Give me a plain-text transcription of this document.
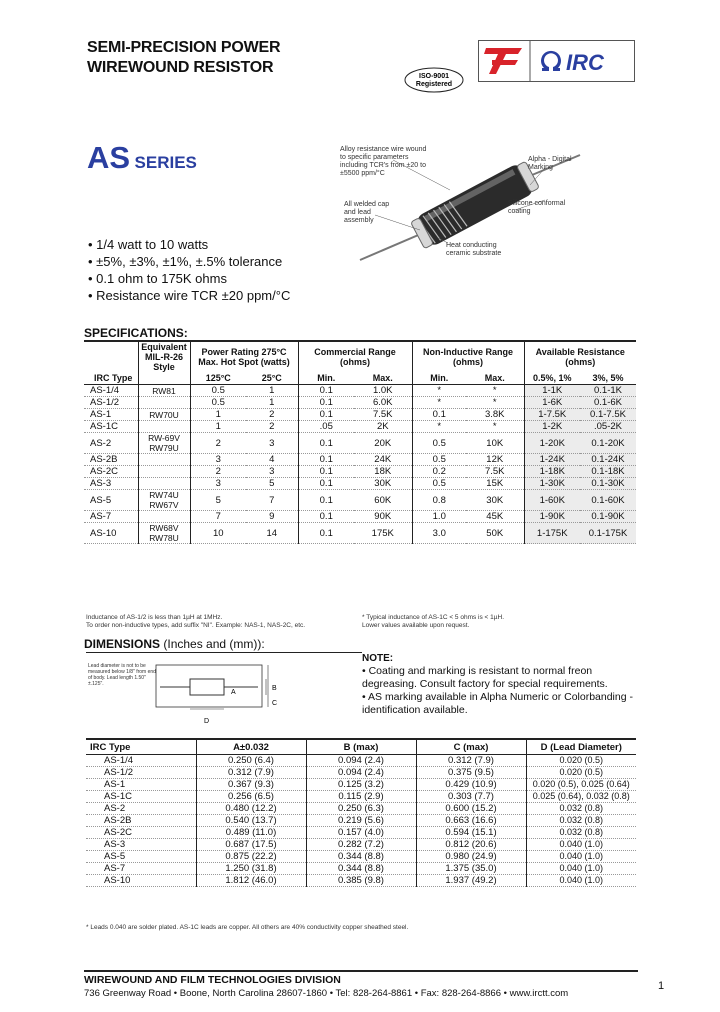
SEMI-PRECISION POWER
WIREWOUND RESISTOR	IRC
ISO-9001
Registered
AS SERIES
Alloy resistance wire wound to specific parameters including TCR's from ±20 to ±5500 ppm/°C
Alpha - Digital Marking
Silicone conformal coating
All welded cap and lead assembly
Heat conducting ceramic substrate
• 1/4 watt to 10 watts
• ±5%, ±3%, ±1%, ±.5% tolerance
• 0.1 ohm to 175K ohms
• Resistance wire TCR ±20 ppm/°C
SPECIFICATIONS:
	Equivalent MIL-R-26 Style	Power Rating 275°C Max. Hot Spot (watts)		Commercial Range (ohms)		Non-Inductive Range (ohms)		Available Resistance (ohms)	

IRC Type		125°C	25°C	Min.	Max.	Min.	Max.	0.5%, 1%	3%, 5%
AS-1/4	RW81	0.5	1	0.1	1.0K	*	*	1-1K	0.1-1K
AS-1/2		0.5	1	0.1	6.0K	*	*	1-6K	0.1-6K
AS-1	RW70U	1	2	0.1	7.5K	0.1	3.8K	1-7.5K	0.1-7.5K
AS-1C		1	2	.05	2K	*	*	1-2K	.05-2K
AS-2	RW-69V RW79U	2	3	0.1	20K	0.5	10K	1-20K	0.1-20K
AS-2B		3	4	0.1	24K	0.5	12K	1-24K	0.1-24K
AS-2C		2	3	0.1	18K	0.2	7.5K	1-18K	0.1-18K
AS-3		3	5	0.1	30K	0.5	15K	1-30K	0.1-30K
AS-5	RW74U RW67V	5	7	0.1	60K	0.8	30K	1-60K	0.1-60K
AS-7		7	9	0.1	90K	1.0	45K	1-90K	0.1-90K
AS-10	RW68V RW78U	10	14	0.1	175K	3.0	50K	1-175K	0.1-175K
Inductance of AS-1/2 is less than 1µH at 1MHz.
To order non-inductive types, add suffix "NI". Example: NAS-1, NAS-2C, etc.
* Typical inductance of AS-1C < 5 ohms is < 1µH.
Lower values available upon request.
DIMENSIONS (Inches and (mm)):
Lead diameter is not to be measured below 1/8" from end of body. Lead length 1.50" ±.125".
D
A
B
C
NOTE:
• Coating and marking is resistant to normal freon degreasing. Consult factory for special requirements.
• AS marking available in Alpha Numeric or Colorbanding - identification available.
IRC Type	A±0.032	B (max)	C (max)	D (Lead Diameter)
AS-1/4	0.250 (6.4)	0.094 (2.4)	0.312 (7.9)	0.020 (0.5)
AS-1/2	0.312 (7.9)	0.094 (2.4)	0.375 (9.5)	0.020 (0.5)
AS-1	0.367 (9.3)	0.125 (3.2)	0.429 (10.9)	0.020 (0.5), 0.025 (0.64)
AS-1C	0.256 (6.5)	0.115 (2.9)	0.303 (7.7)	0.025 (0.64), 0.032 (0.8)
AS-2	0.480 (12.2)	0.250 (6.3)	0.600 (15.2)	0.032 (0.8)
AS-2B	0.540 (13.7)	0.219 (5.6)	0.663 (16.6)	0.032 (0.8)
AS-2C	0.489 (11.0)	0.157 (4.0)	0.594 (15.1)	0.032 (0.8)
AS-3	0.687 (17.5)	0.282 (7.2)	0.812 (20.6)	0.040 (1.0)
AS-5	0.875 (22.2)	0.344 (8.8)	0.980 (24.9)	0.040 (1.0)
AS-7	1.250 (31.8)	0.344 (8.8)	1.375 (35.0)	0.040 (1.0)
AS-10	1.812 (46.0)	0.385 (9.8)	1.937 (49.2)	0.040 (1.0)
* Leads 0.040 are solder plated. AS-1C leads are copper. All others are 40% conductivity copper sheathed steel.
WIREWOUND AND FILM TECHNOLOGIES DIVISION
736 Greenway Road • Boone, North Carolina 28607-1860 • Tel: 828-264-8861 • Fax: 828-264-8866 • www.irctt.com
1
